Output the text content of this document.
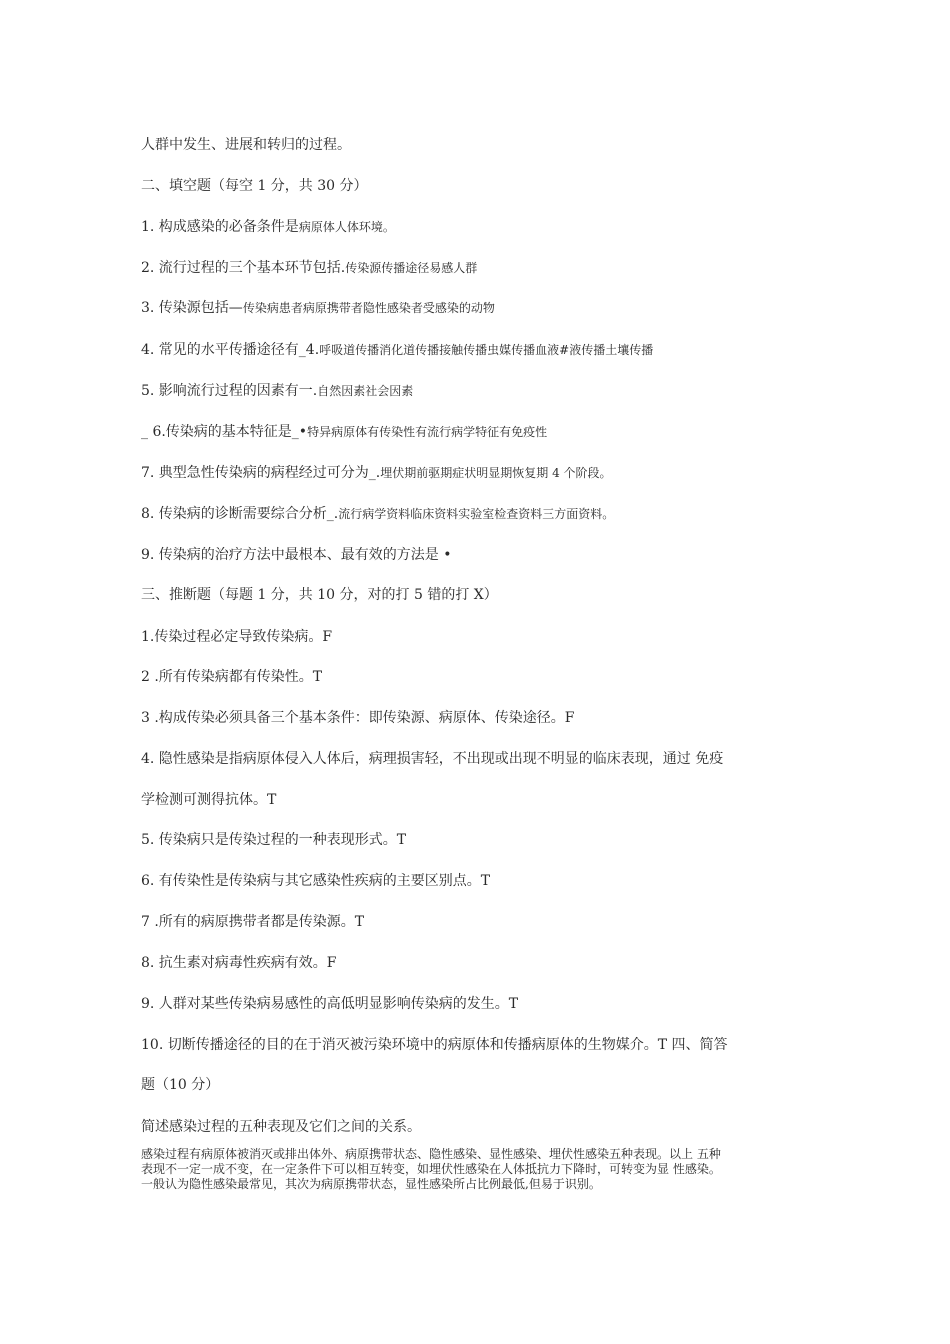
人群中发生、进展和转归的过程。
二、填空题（每空 1 分，共 30 分）
1. 构成感染的必备条件是病原体人体环境。
2. 流行过程的三个基本环节包括.传染源传播途径易感人群
3. 传染源包括—传染病患者病原携带者隐性感染者受感染的动物
4. 常见的水平传播途径有_4.呼吸道传播消化道传播接触传播虫媒传播血液#液传播土壤传播
5. 影响流行过程的因素有一.自然因素社会因素
_ 6.传染病的基本特征是_•特异病原体有传染性有流行病学特征有免疫性
7. 典型急性传染病的病程经过可分为_.埋伏期前驱期症状明显期恢复期 4 个阶段。
8. 传染病的诊断需要综合分析_.流行病学资料临床资料实验室检查资料三方面资料。
9. 传染病的治疗方法中最根本、最有效的方法是 •
三、推断题（每题 1 分，共 10 分，对的打 5 错的打 X）
1.传染过程必定导致传染病。F
2 .所有传染病都有传染性。T
3 .构成传染必须具备三个基本条件：即传染源、病原体、传染途径。F
4. 隐性感染是指病原体侵入人体后，病理损害轻，不出现或出现不明显的临床表现，通过 免疫
学检测可测得抗体。T
5. 传染病只是传染过程的一种表现形式。T
6. 有传染性是传染病与其它感染性疾病的主要区别点。T
7 .所有的病原携带者都是传染源。T
8. 抗生素对病毒性疾病有效。F
9. 人群对某些传染病易感性的高低明显影响传染病的发生。T
10. 切断传播途径的目的在于消灭被污染环境中的病原体和传播病原体的生物媒介。T 四、简答
题（10 分）
简述感染过程的五种表现及它们之间的关系。
感染过程有病原体被消灭或排出体外、病原携带状态、隐性感染、显性感染、埋伏性感染五种表现。以上 五种
表现不一定一成不变，在一定条件下可以相互转变，如埋伏性感染在人体抵抗力下降时，可转变为显 性感染。
一般认为隐性感染最常见，其次为病原携带状态，显性感染所占比例最低,但易于识别。
